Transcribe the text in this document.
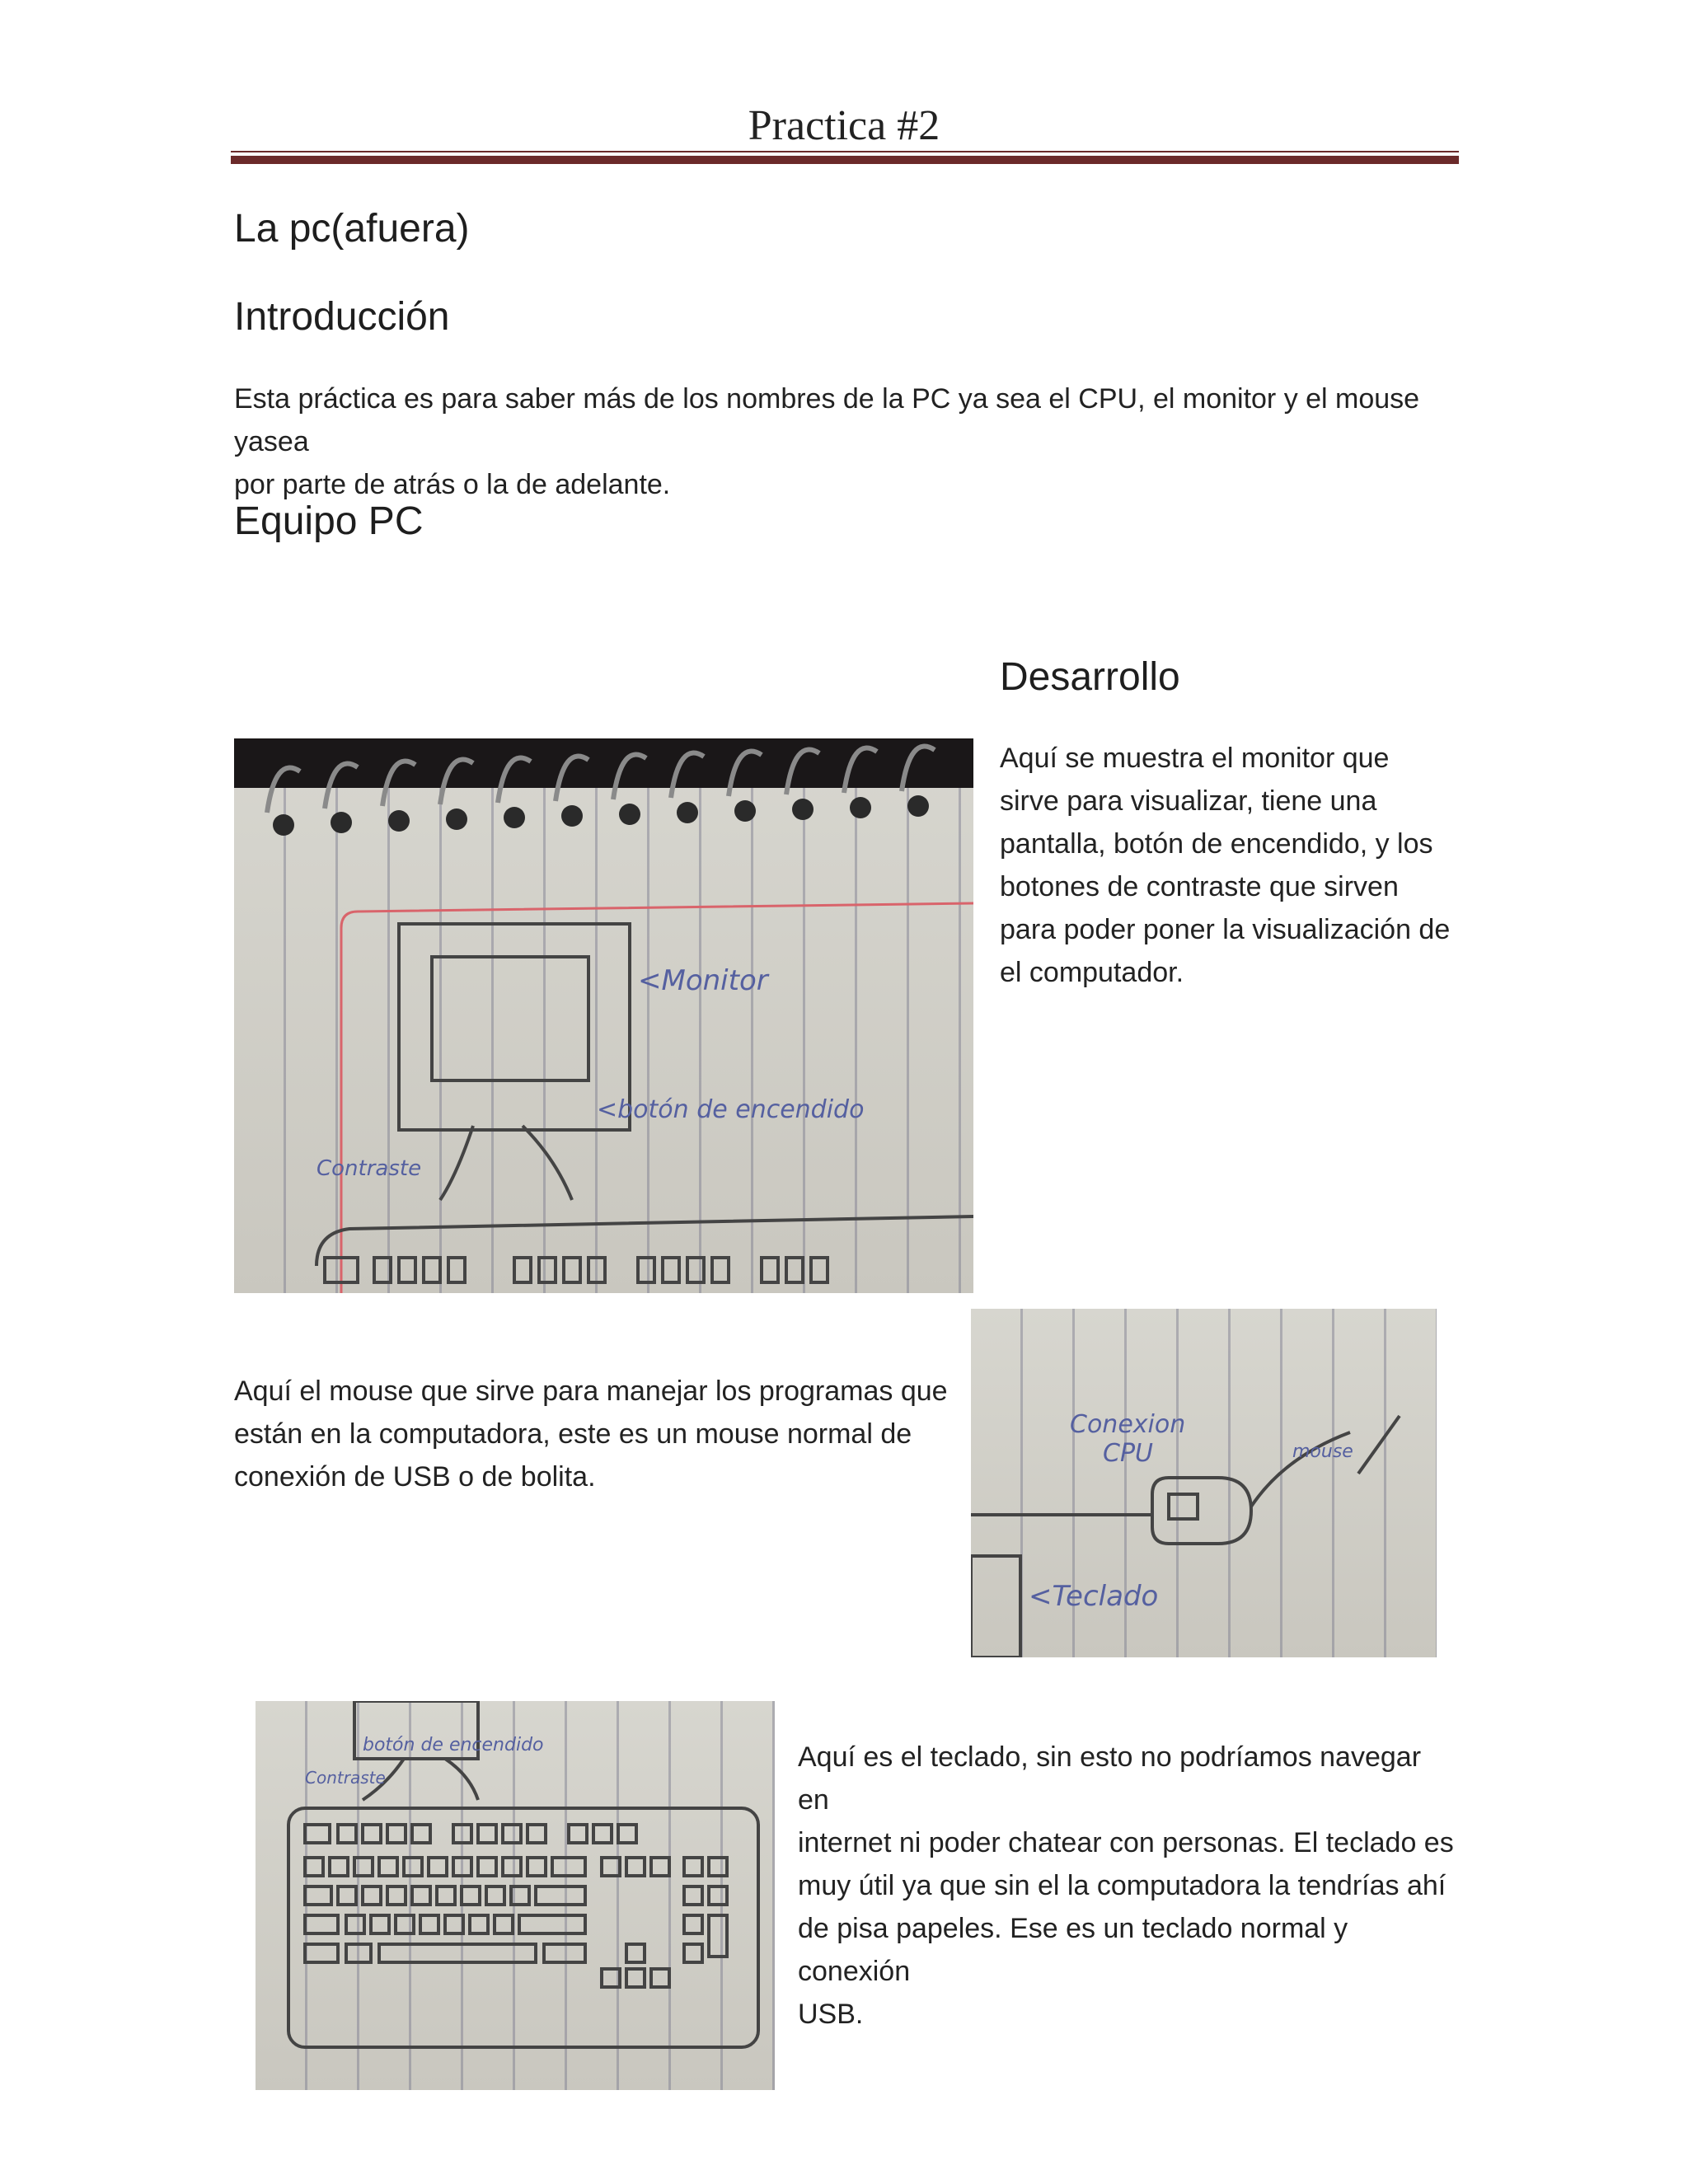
Practica #2
La pc(afuera)
Introducción
Esta práctica es para saber más de los nombres de la PC ya sea el CPU, el monitor y el mouse yasea
por parte de atrás o la de adelante.
Equipo PC
Desarrollo
Aquí se muestra el monitor que
sirve para visualizar, tiene una
pantalla, botón de encendido, y los
botones de contraste que sirven
para poder poner la visualización de
el computador.
<Monitor
<botón de encendido
Contraste
Aquí el mouse que sirve para manejar los programas que
están en la computadora, este es un mouse normal de
conexión de USB o de bolita.
Conexion
CPU	mouse
<Teclado
botón de encendido
Contraste
Aquí es el teclado, sin esto no podríamos navegar en
internet ni poder chatear con personas. El teclado es
muy útil ya que sin el la computadora la tendrías ahí
de pisa papeles. Ese es un teclado normal y conexión
USB.
